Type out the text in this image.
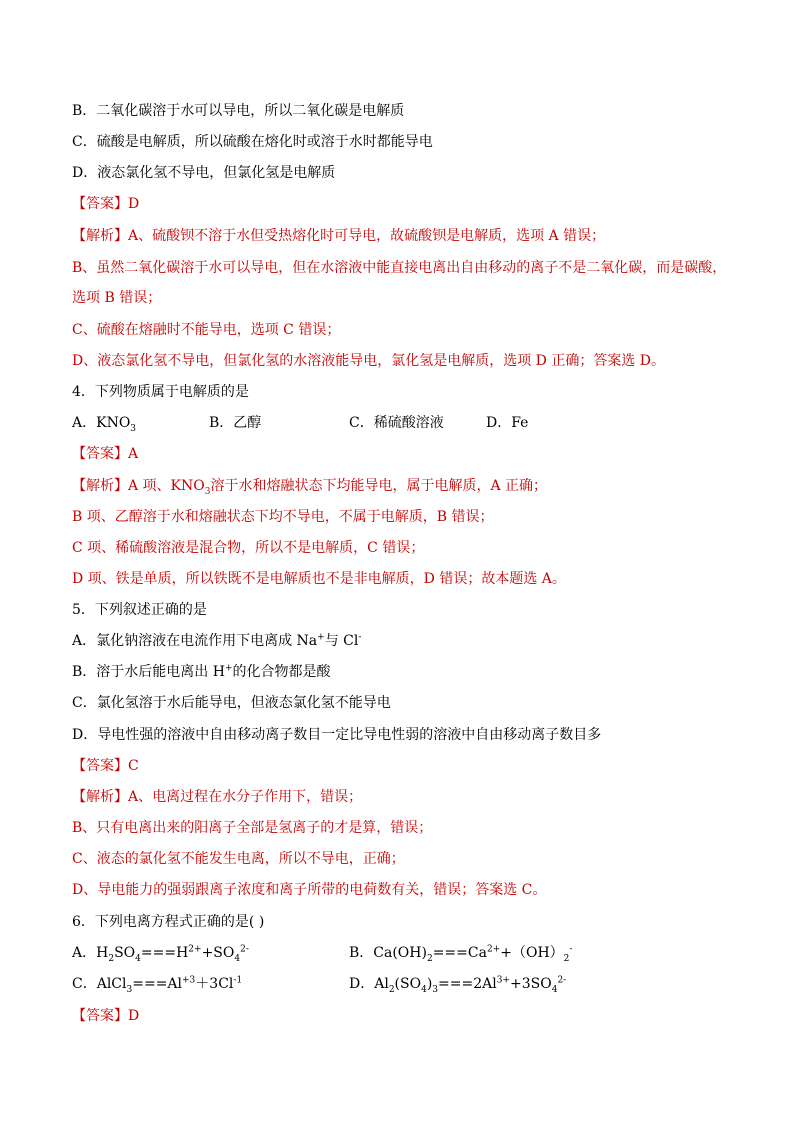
B．二氧化碳溶于水可以导电，所以二氧化碳是电解质
C．硫酸是电解质，所以硫酸在熔化时或溶于水时都能导电
D．液态氯化氢不导电，但氯化氢是电解质
【答案】D
【解析】A、硫酸钡不溶于水但受热熔化时可导电，故硫酸钡是电解质，选项 A 错误；
B、虽然二氧化碳溶于水可以导电，但在水溶液中能直接电离出自由移动的离子不是二氧化碳，而是碳酸，
选项 B 错误；
C、硫酸在熔融时不能导电，选项 C 错误；
D、液态氯化氢不导电，但氯化氢的水溶液能导电，氯化氢是电解质，选项 D 正确；答案选 D。
4．下列物质属于电解质的是
A．$KNO_3$	B．乙醇	C．稀硫酸溶液	D．Fe
【答案】A
【解析】A 项、$KNO_3$溶于水和熔融状态下均能导电，属于电解质，A 正确；
B 项、乙醇溶于水和熔融状态下均不导电，不属于电解质，B 错误；
C 项、稀硫酸溶液是混合物，所以不是电解质，C 错误；
D 项、铁是单质，所以铁既不是电解质也不是非电解质，D 错误；故本题选 A。
5．下列叙述正确的是
A．氯化钠溶液在电流作用下电离成 Na+与 Cl-
B．溶于水后能电离出 H+的化合物都是酸
C．氯化氢溶于水后能导电，但液态氯化氢不能导电
D．导电性强的溶液中自由移动离子数目一定比导电性弱的溶液中自由移动离子数目多
【答案】C
【解析】A、电离过程在水分子作用下，错误；
B、只有电离出来的阳离子全部是氢离子的才是算，错误；
C、液态的氯化氢不能发生电离，所以不导电，正确；
D、导电能力的强弱跟离子浓度和离子所带的电荷数有关，错误；答案选 C。
6．下列电离方程式正确的是( )
A．$H_2SO_4===H^{2+}+SO_4^{2-}$	B．$Ca(OH)_2===Ca^{2+}+(OH)_2^-$
C．$AlCl_3===Al^{+3}+3Cl^{-1}$	D．$Al_2(SO_4)_3===2Al^{3+}+3SO_4^{2-}$
【答案】D
